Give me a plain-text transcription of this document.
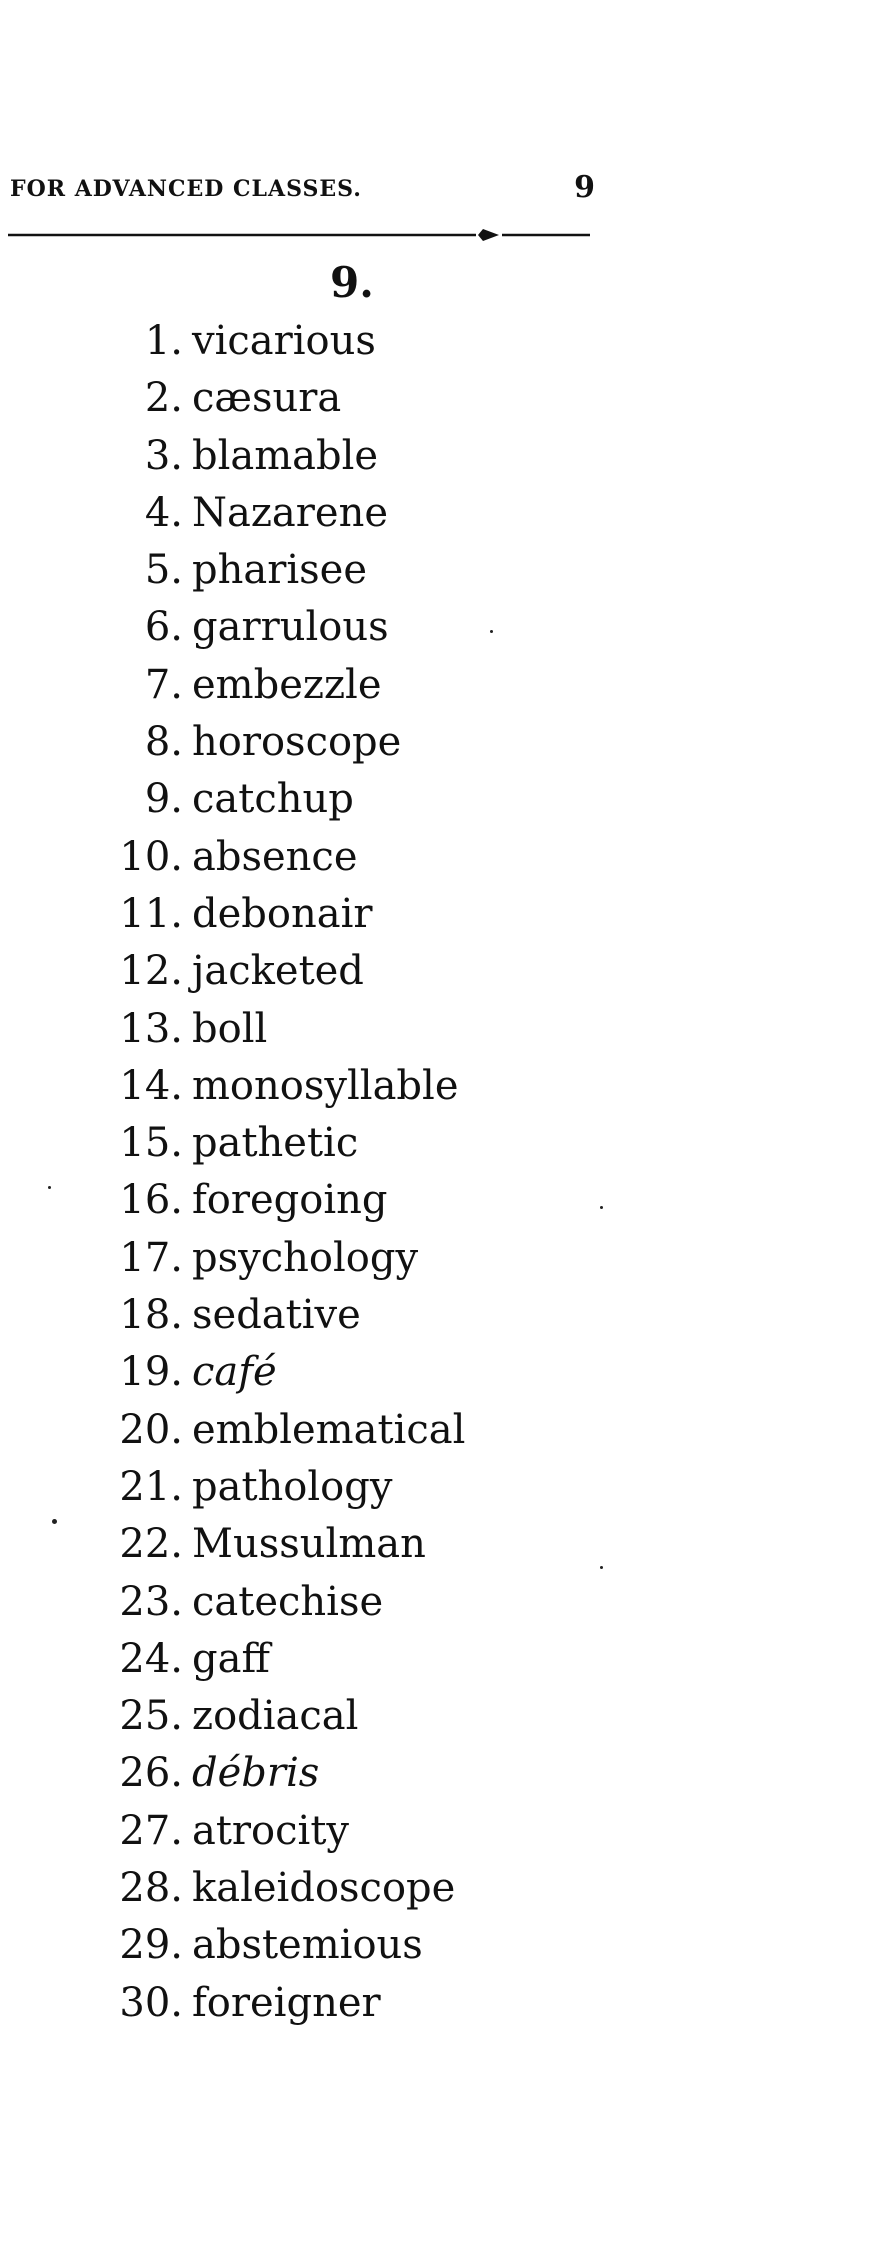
FOR ADVANCED CLASSES.	9
9.
1. vicarious
2. cæsura
3. blamable
4. Nazarene
5. pharisee
6. garrulous
7. embezzle
8. horoscope
9. catchup
10. absence
11. debonair
12. jacketed
13. boll
14. monosyllable
15. pathetic
16. foregoing
17. psychology
18. sedative
19. café
20. emblematical
21. pathology
22. Mussulman
23. catechise
24. gaff
25. zodiacal
26. débris
27. atrocity
28. kaleidoscope
29. abstemious
30. foreigner
